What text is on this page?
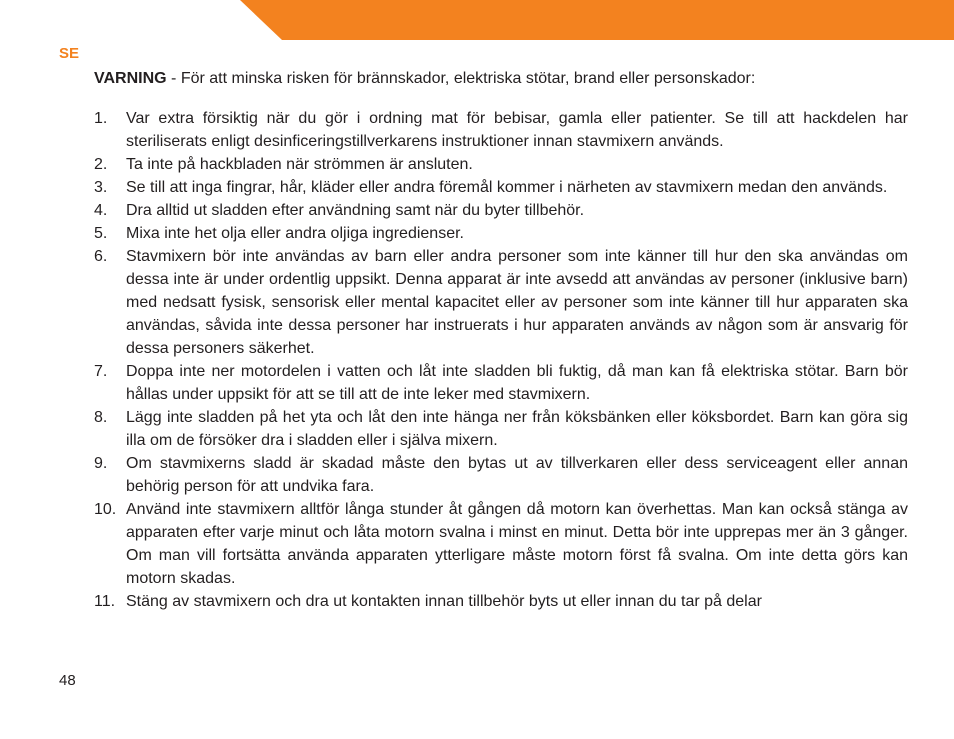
SE
VARNING - För att minska risken för brännskador, elektriska stötar, brand eller personskador:
1. Var extra försiktig när du gör i ordning mat för bebisar, gamla eller patienter. Se till att hackdelen har steriliserats enligt desinficeringstillverkarens instruktioner innan stavmixern används.
2. Ta inte på hackbladen när strömmen är ansluten.
3. Se till att inga fingrar, hår, kläder eller andra föremål kommer i närheten av stavmixern medan den används.
4. Dra alltid ut sladden efter användning samt när du byter tillbehör.
5. Mixa inte het olja eller andra oljiga ingredienser.
6. Stavmixern bör inte användas av barn eller andra personer som inte känner till hur den ska användas om dessa inte är under ordentlig uppsikt. Denna apparat är inte avsedd att användas av personer (inklusive barn) med nedsatt fysisk, sensorisk eller mental kapacitet eller av personer som inte känner till hur apparaten ska användas, såvida inte dessa personer har instruerats i hur apparaten används av någon som är ansvarig för dessa personers säkerhet.
7. Doppa inte ner motordelen i vatten och låt inte sladden bli fuktig, då man kan få elektriska stötar. Barn bör hållas under uppsikt för att se till att de inte leker med stavmixern.
8. Lägg inte sladden på het yta och låt den inte hänga ner från köksbänken eller köksbordet. Barn kan göra sig illa om de försöker dra i sladden eller i själva mixern.
9. Om stavmixerns sladd är skadad måste den bytas ut av tillverkaren eller dess serviceagent eller annan behörig person för att undvika fara.
10. Använd inte stavmixern alltför långa stunder åt gången då motorn kan överhettas. Man kan också stänga av apparaten efter varje minut och låta motorn svalna i minst en minut. Detta bör inte upprepas mer än 3 gånger. Om man vill fortsätta använda apparaten ytterligare måste motorn först få svalna. Om inte detta görs kan motorn skadas.
11. Stäng av stavmixern och dra ut kontakten innan tillbehör byts ut eller innan du tar på delar
48
